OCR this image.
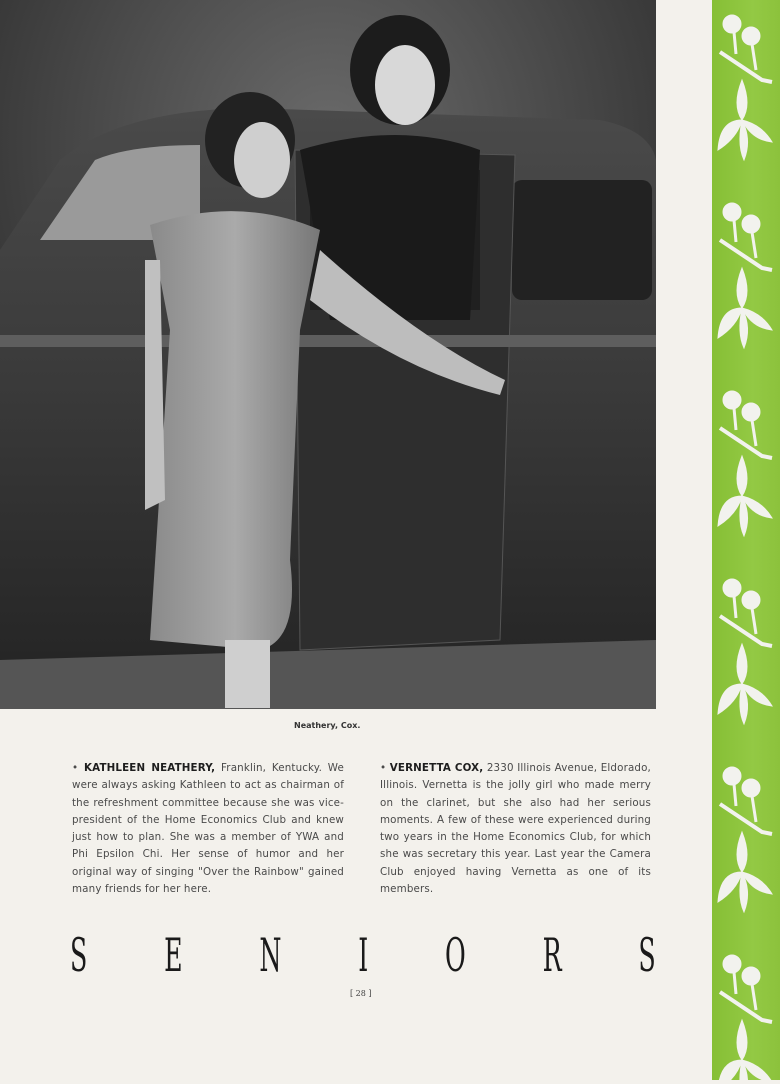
Neathery, Cox.
• KATHLEEN NEATHERY, Franklin, Kentucky. We were always asking Kathleen to act as chairman of the refreshment committee because she was vice-president of the Home Economics Club and knew just how to plan. She was a member of YWA and Phi Epsilon Chi. Her sense of humor and her original way of singing "Over the Rainbow" gained many friends for her here.
• VERNETTA COX, 2330 Illinois Avenue, Eldorado, Illinois. Vernetta is the jolly girl who made merry on the clarinet, but she also had her serious moments. A few of these were experienced during two years in the Home Economics Club, for which she was secretary this year. Last year the Camera Club enjoyed having Vernetta as one of its members.
S E N I O R S
[ 28 ]
